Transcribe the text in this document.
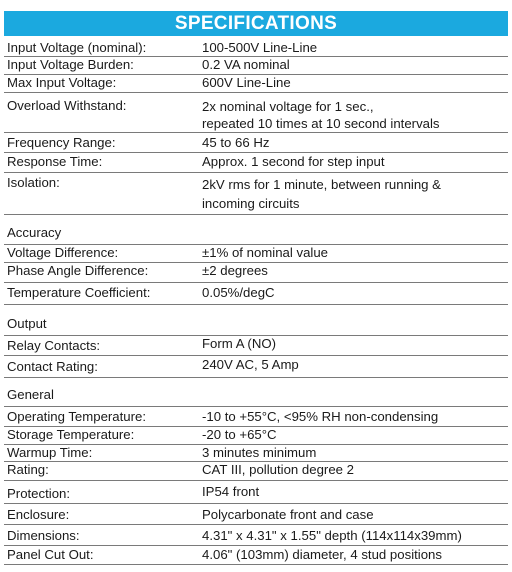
SPECIFICATIONS
Input Voltage (nominal):	100-500V Line-Line
Input Voltage Burden:	0.2 VA nominal
Max Input Voltage:	600V Line-Line
Overload Withstand:	2x nominal voltage for 1 sec.,
repeated 10 times at 10 second intervals
Frequency Range:	45 to 66 Hz
Response Time:	Approx. 1 second for step input
Isolation:	2kV rms for 1 minute, between running &
incoming circuits
Accuracy
Voltage Difference:	±1% of nominal value
Phase Angle Difference:	±2 degrees
Temperature Coefficient:	0.05%/degC
Output
Relay Contacts:	Form A (NO)
Contact Rating:	240V AC, 5 Amp
General
Operating Temperature:	-10 to +55°C, <95% RH non-condensing
Storage Temperature:	-20 to +65°C
Warmup Time:	3 minutes minimum
Rating:	CAT III, pollution degree 2
Protection:	IP54 front
Enclosure:	Polycarbonate front and case
Dimensions:	4.31" x 4.31" x 1.55" depth (114x114x39mm)
Panel Cut Out:	4.06" (103mm) diameter, 4 stud positions
